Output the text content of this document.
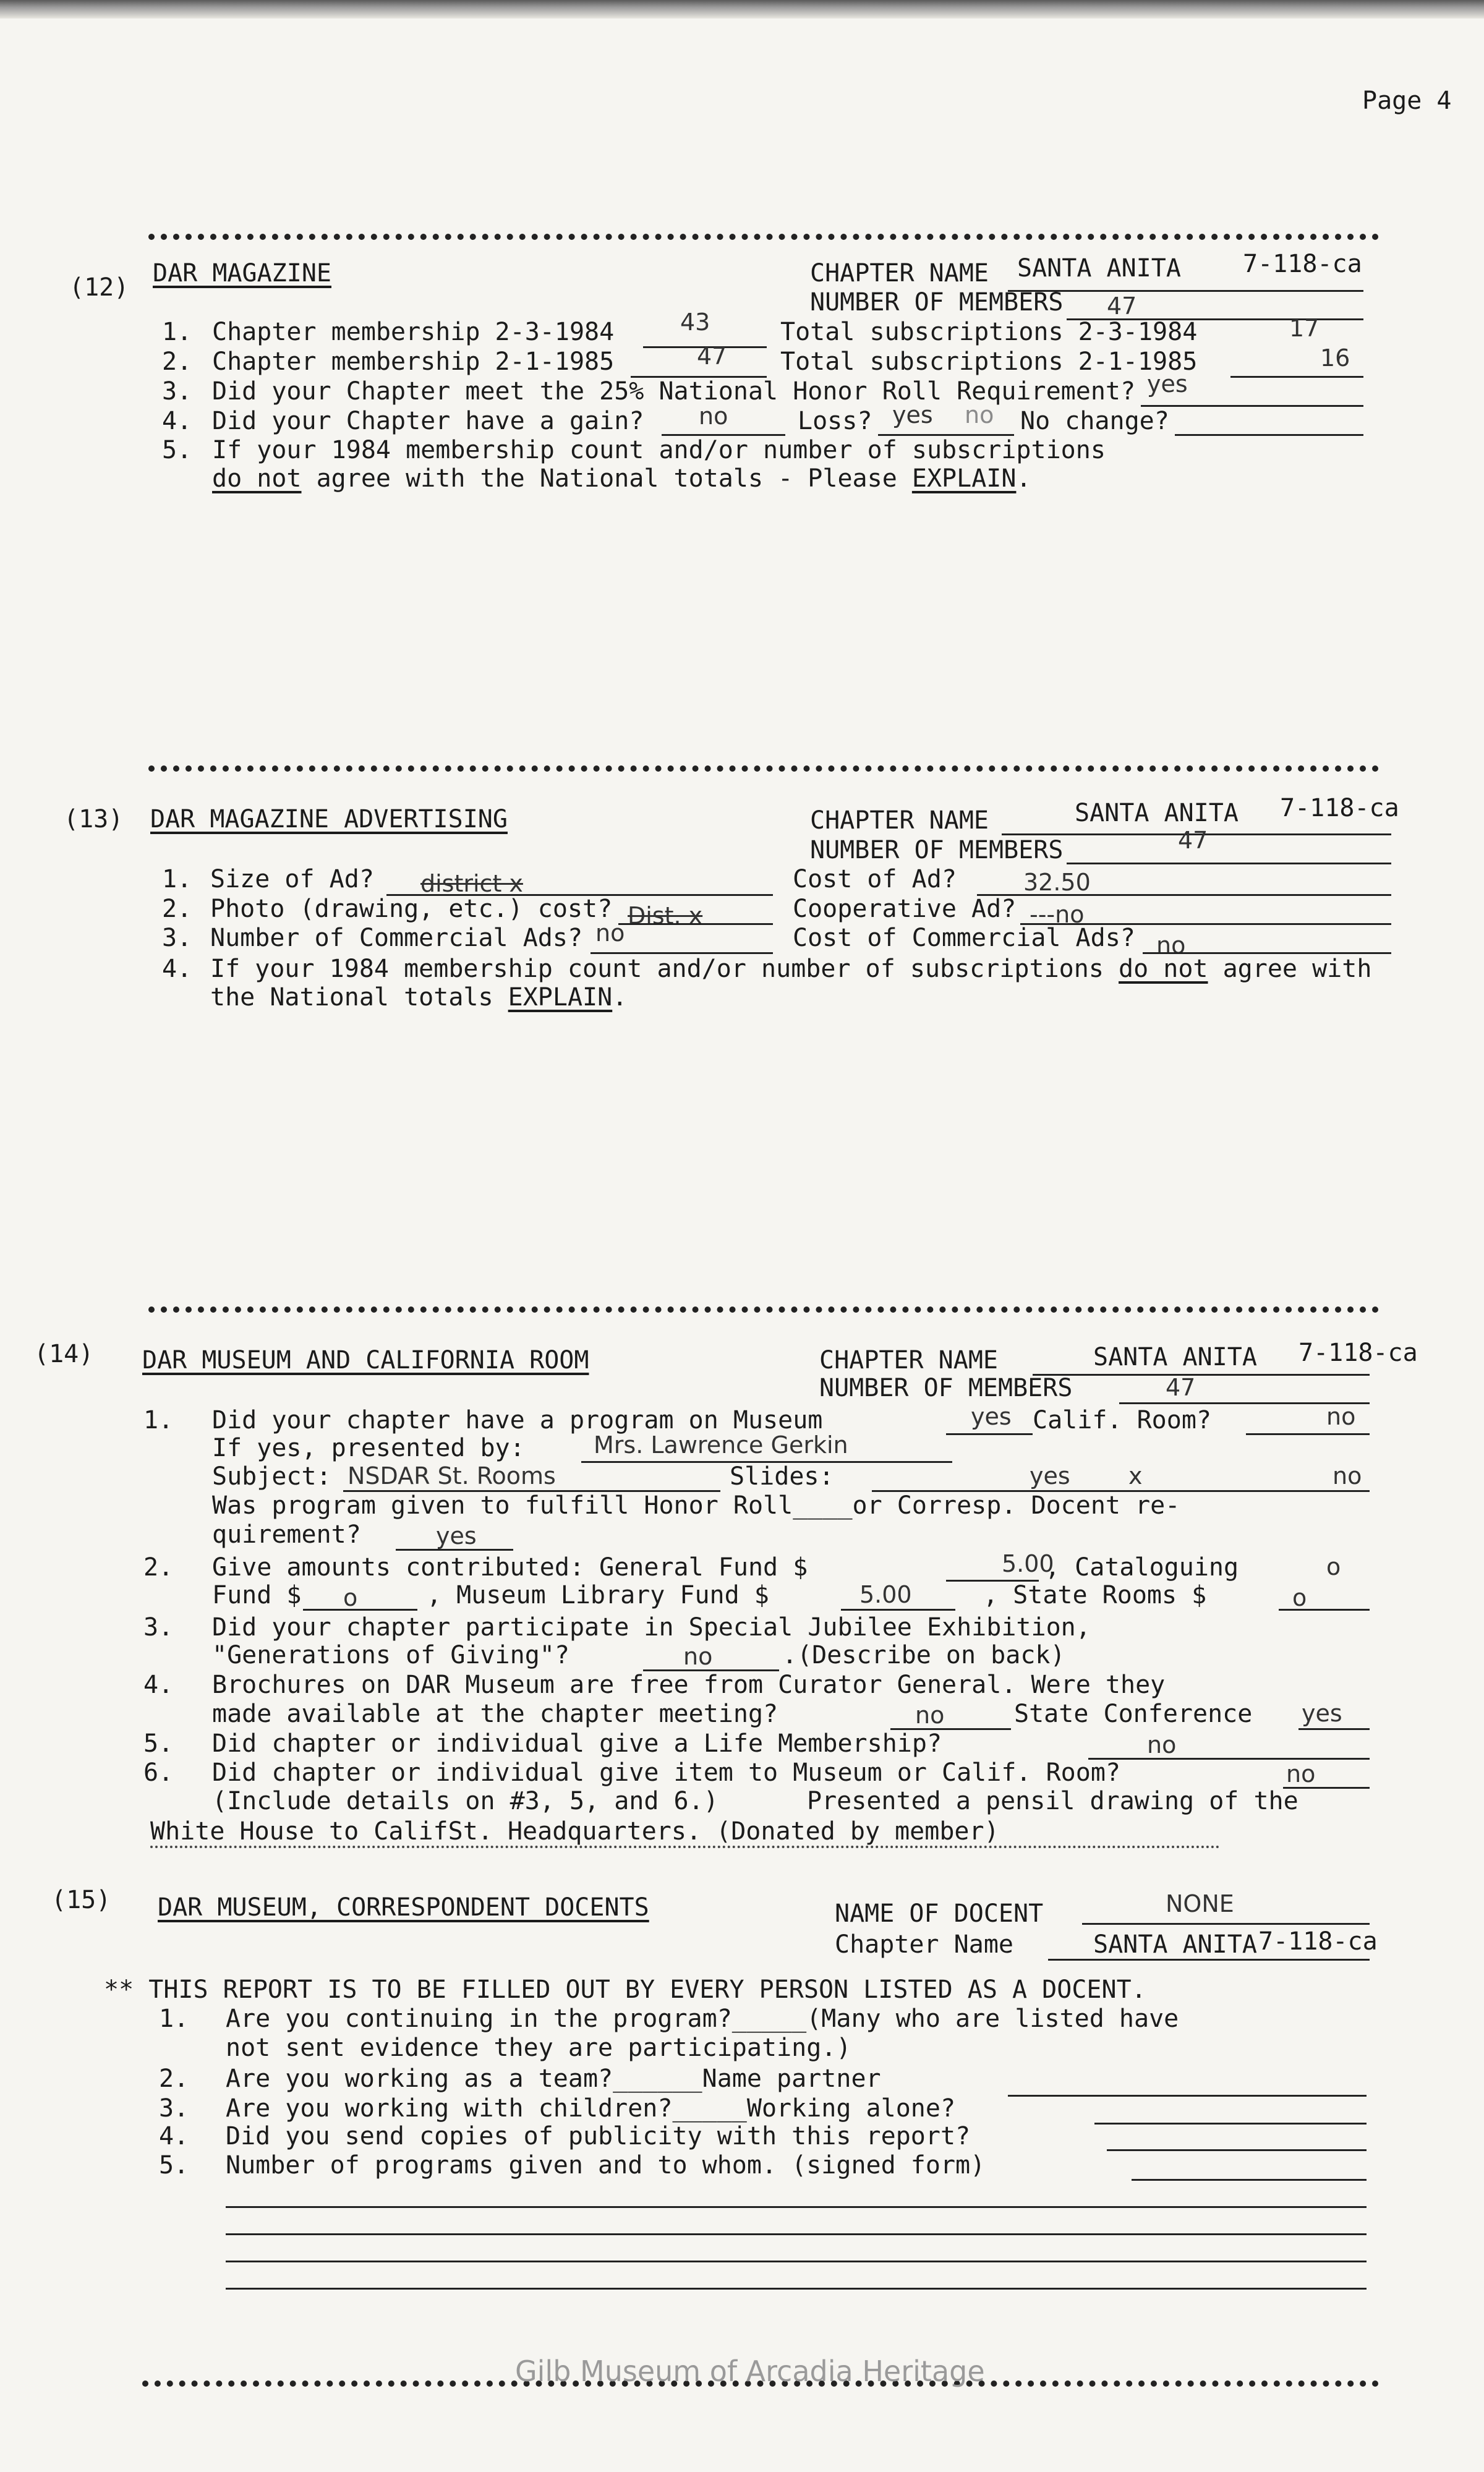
Page 4
(12) DAR MAGAZINE	CHAPTER NAME SANTA ANITA	7-118-ca
NUMBER OF MEMBERS 47
1. Chapter membership 2-3-1984	43	Total subscriptions 2-3-1984	17
2. Chapter membership 2-1-1985	47 Total subscriptions 2-1-1985	16
3. Did your Chapter meet the 25% National Honor Roll Requirement? yes
4. Did your Chapter have a gain? no	Loss? yes no No change?
5. If your 1984 membership count and/or number of subscriptions
do not agree with the National totals - Please EXPLAIN.
(13) DAR MAGAZINE ADVERTISING	CHAPTER NAME	SANTA ANITA 7-118-ca
NUMBER OF MEMBERS	47
1. Size of Ad? district x	Cost of Ad?	32.50
2. Photo (drawing, etc.) cost? Dist. x	Cooperative Ad? ---no
3. Number of Commercial Ads? no	Cost of Commercial Ads? no
4. If your 1984 membership count and/or number of subscriptions do not agree with
the National totals EXPLAIN.
(14) DAR MUSEUM AND CALIFORNIA ROOM	CHAPTER NAME	SANTA ANITA 7-118-ca
NUMBER OF MEMBERS	47
1. Did your chapter have a program on Museum	yes Calif. Room?	no
If yes, presented by:	Mrs. Lawrence Gerkin
Subject: NSDAR St. Rooms	Slides:	yes x	no
Was program given to fulfill Honor Roll____or Corresp. Docent re-
quirement?	yes
2. Give amounts contributed: General Fund $	5.00
, Cataloguing	o
Fund $ o	, Museum Library Fund $	5.00	, State Rooms $	o
3. Did your chapter participate in Special Jubilee Exhibition,
"Generations of Giving"?	no	.(Describe on back)
4. Brochures on DAR Museum are free from Curator General. Were they
made available at the chapter meeting?	no	State Conference yes
5. Did chapter or individual give a Life Membership?	no
6. Did chapter or individual give item to Museum or Calif. Room?	no
(Include details on #3, 5, and 6.)	Presented a pensil drawing of the
White House to CalifSt. Headquarters. (Donated by member)
(15) DAR MUSEUM, CORRESPONDENT DOCENTS	NAME OF DOCENT	NONE
Chapter Name	SANTA ANITA 7-118-ca
** THIS REPORT IS TO BE FILLED OUT BY EVERY PERSON LISTED AS A DOCENT.
1. Are you continuing in the program?_____(Many who are listed have
not sent evidence they are participating.)
2. Are you working as a team?______Name partner
3. Are you working with children?_____Working alone?
4. Did you send copies of publicity with this report?
5. Number of programs given and to whom. (signed form)
Gilb Museum of Arcadia Heritage
